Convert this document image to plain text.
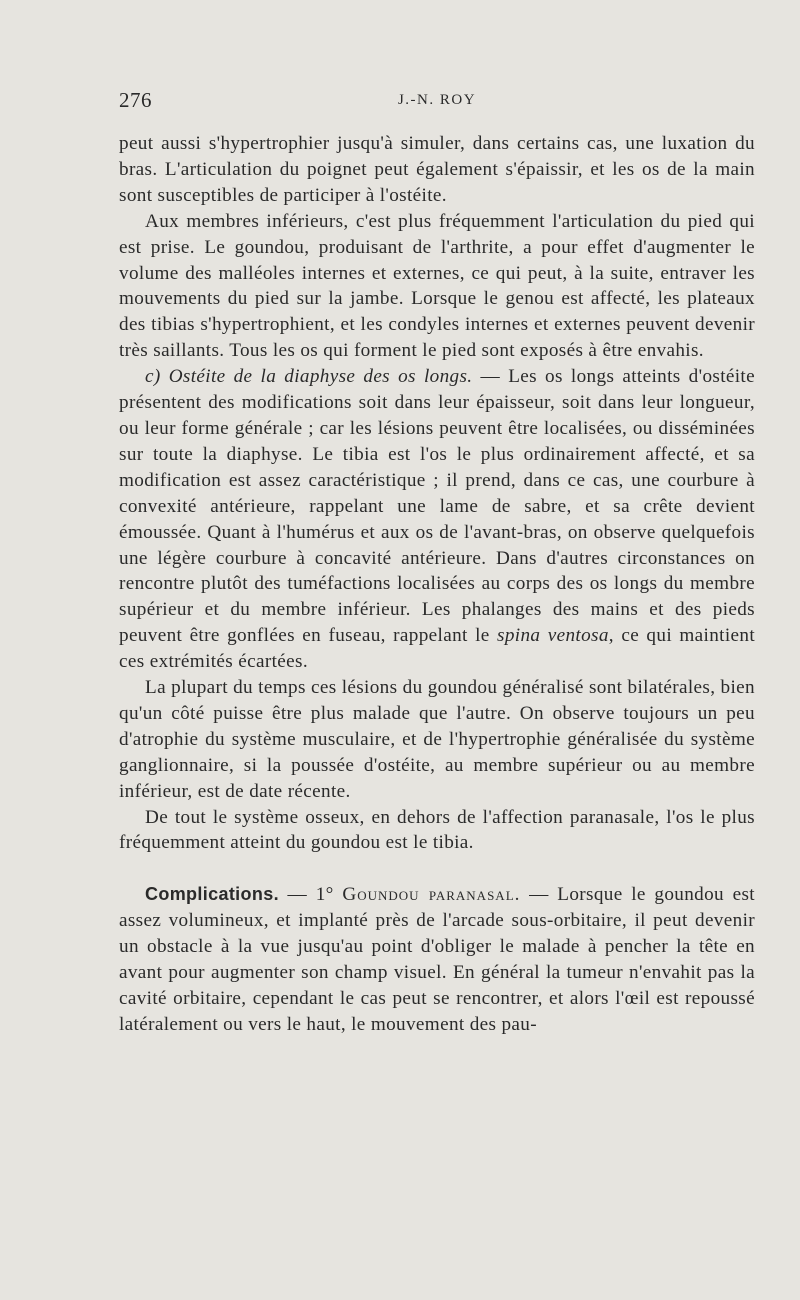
276	J.-N. ROY

peut aussi s'hypertrophier jusqu'à simuler, dans certains cas, une luxation du bras. L'articulation du poignet peut également s'épaissir, et les os de la main sont susceptibles de participer à l'ostéite.

Aux membres inférieurs, c'est plus fréquemment l'articulation du pied qui est prise. Le goundou, produisant de l'arthrite, a pour effet d'augmenter le volume des malléoles internes et externes, ce qui peut, à la suite, entraver les mouvements du pied sur la jambe. Lorsque le genou est affecté, les plateaux des tibias s'hypertrophient, et les condyles internes et externes peuvent devenir très saillants. Tous les os qui forment le pied sont exposés à être envahis.

c) Ostéite de la diaphyse des os longs. — Les os longs atteints d'ostéite présentent des modifications soit dans leur épaisseur, soit dans leur longueur, ou leur forme générale ; car les lésions peuvent être localisées, ou disséminées sur toute la diaphyse. Le tibia est l'os le plus ordinairement affecté, et sa modification est assez caractéristique ; il prend, dans ce cas, une courbure à convexité antérieure, rappelant une lame de sabre, et sa crête devient émoussée. Quant à l'humérus et aux os de l'avant-bras, on observe quelquefois une légère courbure à concavité antérieure. Dans d'autres circonstances on rencontre plutôt des tuméfactions localisées au corps des os longs du membre supérieur et du membre inférieur. Les phalanges des mains et des pieds peuvent être gonflées en fuseau, rappelant le spina ventosa, ce qui maintient ces extrémités écartées.

La plupart du temps ces lésions du goundou généralisé sont bilatérales, bien qu'un côté puisse être plus malade que l'autre. On observe toujours un peu d'atrophie du système musculaire, et de l'hypertrophie généralisée du système ganglionnaire, si la poussée d'ostéite, au membre supérieur ou au membre inférieur, est de date récente.

De tout le système osseux, en dehors de l'affection paranasale, l'os le plus fréquemment atteint du goundou est le tibia.

Complications. — 1° Goundou paranasal. — Lorsque le goundou est assez volumineux, et implanté près de l'arcade sous-orbitaire, il peut devenir un obstacle à la vue jusqu'au point d'obliger le malade à pencher la tête en avant pour augmenter son champ visuel. En général la tumeur n'envahit pas la cavité orbitaire, cependant le cas peut se rencontrer, et alors l'œil est repoussé latéralement ou vers le haut, le mouvement des pau-
